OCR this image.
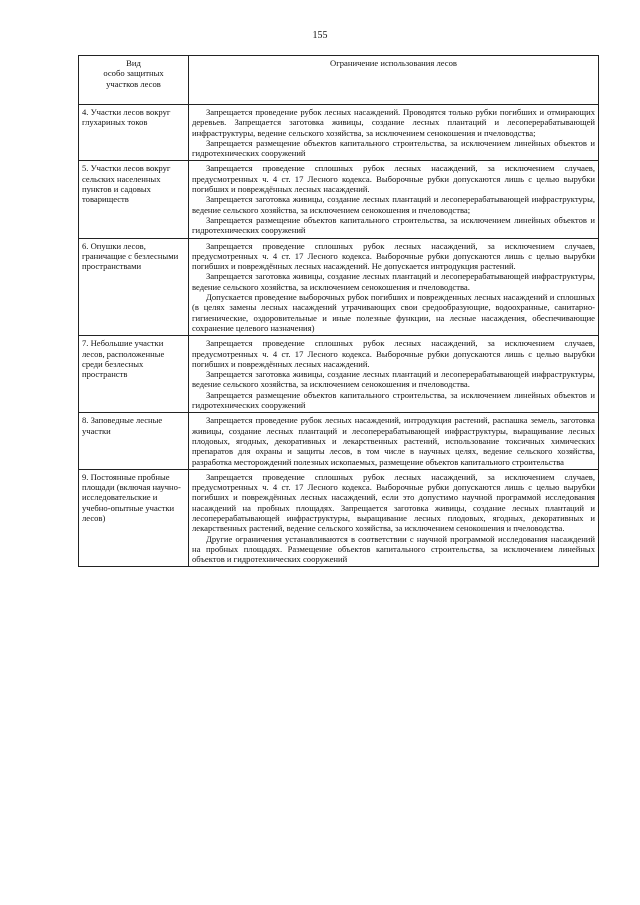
155
Вид
особо защитных
участков лесов	Ограничение использования лесов
4. Участки лесов вокруг глухариных токов	Запрещается проведение рубок лесных насаждений. Проводятся только рубки погибших и отмирающих деревьев. Запрещается заготовка живицы, создание лесных плантаций и лесоперерабатывающей инфраструктуры, ведение сельского хозяйства, за исключением сенокошения и пчеловодства;

Запрещается размещение объектов капитального строительства, за исключением линейных объектов и гидротехнических сооружений

5. Участки лесов вокруг сельских населенных пунктов и садовых товариществ	Запрещается проведение сплошных рубок лесных насаждений, за исключением случаев, предусмотренных ч. 4 ст. 17 Лесного кодекса. Выборочные рубки допускаются лишь с целью вырубки погибших и повреждённых лесных насаждений.

Запрещается заготовка живицы, создание лесных плантаций и лесоперерабатывающей инфраструктуры, ведение сельского хозяйства, за исключением сенокошения и пчеловодства;

Запрещается размещение объектов капитального строительства, за исключением линейных объектов и гидротехнических сооружений

6. Опушки лесов, граничащие с безлесными пространствами	Запрещается проведение сплошных рубок лесных насаждений, за исключением случаев, предусмотренных ч. 4 ст. 17 Лесного кодекса. Выборочные рубки допускаются лишь с целью вырубки погибших и повреждённых лесных насаждений. Не допускается интродукция растений.

Запрещается заготовка живицы, создание лесных плантаций и лесоперерабатывающей инфраструктуры, ведение сельского хозяйства, за исключением сенокошения и пчеловодства.

Допускается проведение выборочных рубок погибших и поврежденных лесных насаждений и сплошных (в целях замены лесных насаждений утрачивающих свои средообразующие, водоохранные, санитарно-гигиенические, оздоровительные и иные полезные функции, на лесные насаждения, обеспечивающие сохранение целевого назначения)

7. Небольшие участки лесов, расположенные среди безлесных пространств	Запрещается проведение сплошных рубок лесных насаждений, за исключением случаев, предусмотренных ч. 4 ст. 17 Лесного кодекса. Выборочные рубки допускаются лишь с целью вырубки погибших и повреждённых лесных насаждений.

Запрещается заготовка живицы, создание лесных плантаций и лесоперерабатывающей инфраструктуры, ведение сельского хозяйства, за исключением сенокошения и пчеловодства.

Запрещается размещение объектов капитального строительства, за исключением линейных объектов и гидротехнических сооружений

8. Заповедные лесные участки	Запрещается проведение рубок лесных насаждений, интродукция растений, распашка земель, заготовка живицы, создание лесных плантаций и лесоперерабатывающей инфраструктуры, выращивание лесных плодовых, ягодных, декоративных и лекарственных растений, использование токсичных химических препаратов для охраны и защиты лесов, в том числе в научных целях, ведение сельского хозяйства, разработка месторождений полезных ископаемых, размещение объектов капитального строительства

9. Постоянные пробные площади (включая научно-исследовательские и учебно-опытные участки лесов)	Запрещается проведение сплошных рубок лесных насаждений, за исключением случаев, предусмотренных ч. 4 ст. 17 Лесного кодекса. Выборочные рубки допускаются лишь с целью вырубки погибших и повреждённых лесных насаждений, если это допустимо научной программой исследования насаждений на пробных площадях. Запрещается заготовка живицы, создание лесных плантаций и лесоперерабатывающей инфраструктуры, выращивание лесных плодовых, ягодных, декоративных и лекарственных растений, ведение сельского хозяйства, за исключением сенокошения и пчеловодства.

Другие ограничения устанавливаются в соответствии с научной программой исследования насаждений на пробных площадях. Размещение объектов капитального строительства, за исключением линейных объектов и гидротехнических сооружений
